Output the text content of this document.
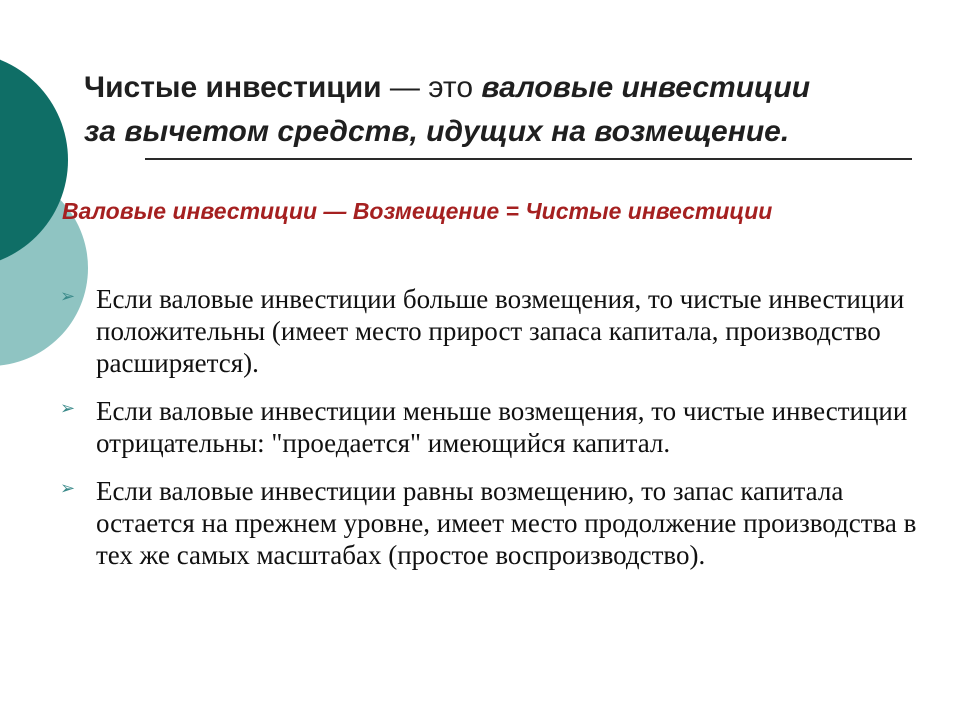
Чистые инвестиции — это валовые инвестиции
за вычетом средств, идущих на возмещение.
Валовые инвестиции — Возмещение = Чистые инвестиции
➢ Если валовые инвестиции больше возмещения, то чистые инвестиции положительны (имеет место прирост запаса капитала, производство расширяется).
➢ Если валовые инвестиции меньше возмещения, то чистые инвестиции отрицательны: "проедается" имеющийся капитал.
➢ Если валовые инвестиции равны возмещению, то запас капитала остается на прежнем уровне, имеет место продолжение производства в тех же самых масштабах (простое воспроизводство).
